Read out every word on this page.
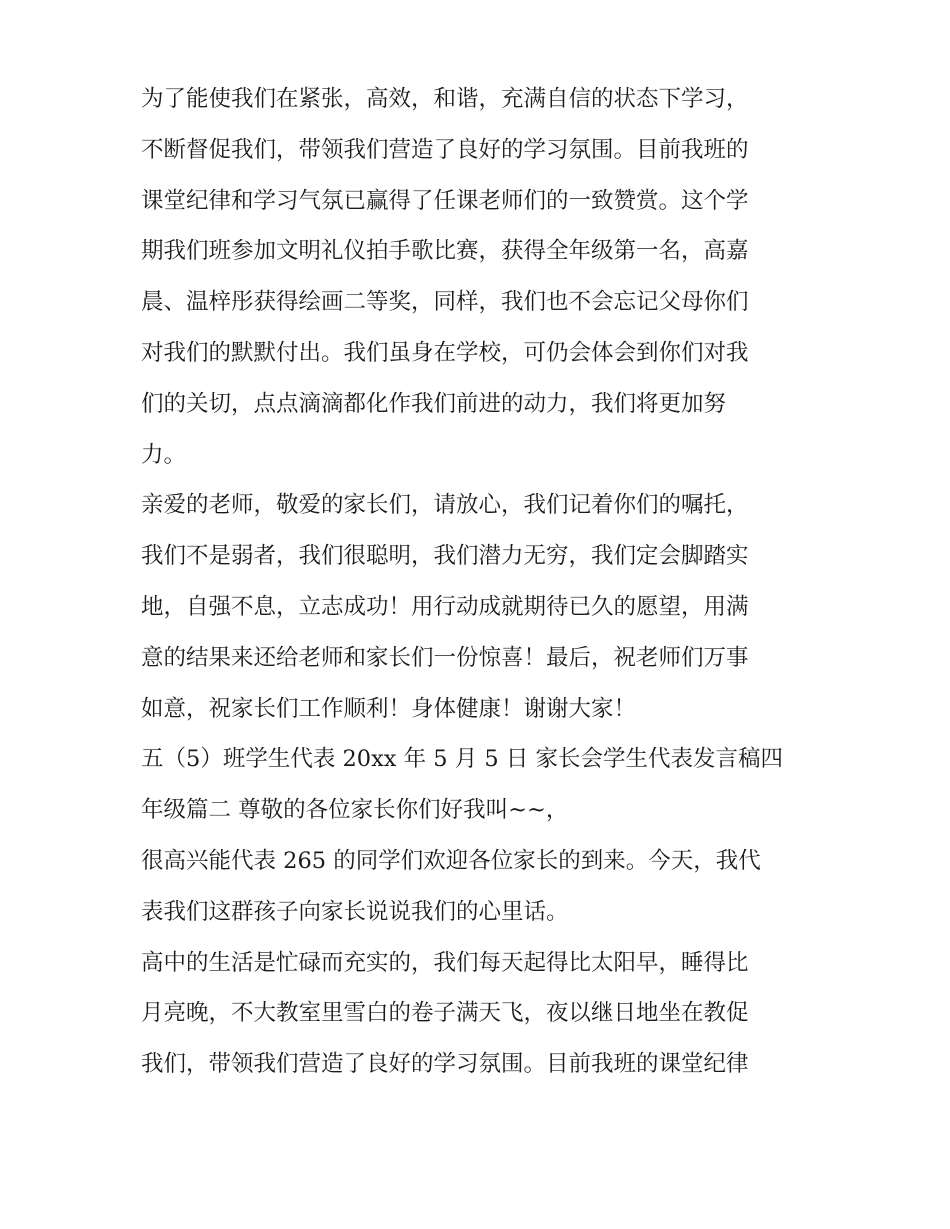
为了能使我们在紧张，高效，和谐，充满自信的状态下学习，
不断督促我们，带领我们营造了良好的学习氛围。目前我班的
课堂纪律和学习气氛已赢得了任课老师们的一致赞赏。这个学
期我们班参加文明礼仪拍手歌比赛，获得全年级第一名，高嘉
晨、温梓彤获得绘画二等奖，同样，我们也不会忘记父母你们
对我们的默默付出。我们虽身在学校，可仍会体会到你们对我
们的关切，点点滴滴都化作我们前进的动力，我们将更加努
力。
亲爱的老师，敬爱的家长们，请放心，我们记着你们的嘱托，
我们不是弱者，我们很聪明，我们潜力无穷，我们定会脚踏实
地，自强不息，立志成功！用行动成就期待已久的愿望，用满
意的结果来还给老师和家长们一份惊喜！最后，祝老师们万事
如意，祝家长们工作顺利！身体健康！谢谢大家！
五（5）班学生代表 20xx 年 5 月 5 日 家长会学生代表发言稿四
年级篇二 尊敬的各位家长你们好我叫~~，
很高兴能代表 265 的同学们欢迎各位家长的到来。今天，我代
表我们这群孩子向家长说说我们的心里话。
高中的生活是忙碌而充实的，我们每天起得比太阳早，睡得比
月亮晚，不大教室里雪白的卷子满天飞，夜以继日地坐在教促
我们，带领我们营造了良好的学习氛围。目前我班的课堂纪律
